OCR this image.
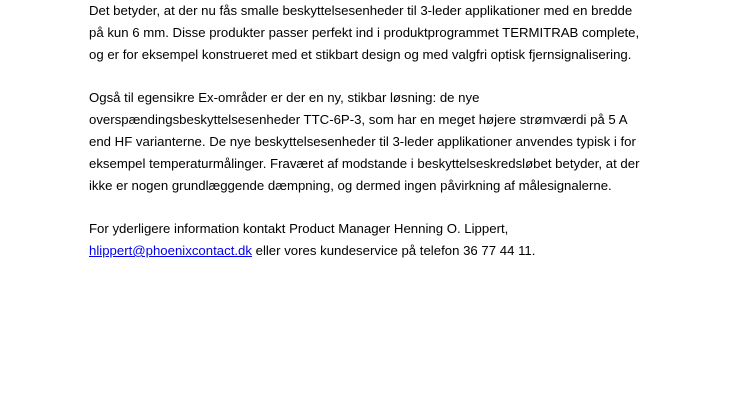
Det betyder, at der nu fås smalle beskyttelsesenheder til 3-leder applikationer med en bredde
på kun 6 mm. Disse produkter passer perfekt ind i produktprogrammet TERMITRAB complete,
og er for eksempel konstrueret med et stikbart design og med valgfri optisk fjernsignalisering.
Også til egensikre Ex-områder er der en ny, stikbar løsning: de nye
overspændingsbeskyttelsesenheder TTC-6P-3, som har en meget højere strømværdi på 5 A
end HF varianterne. De nye beskyttelsesenheder til 3-leder applikationer anvendes typisk i for
eksempel temperaturmålinger. Fraværet af modstande i beskyttelseskredsløbet betyder, at der
ikke er nogen grundlæggende dæmpning, og dermed ingen påvirkning af målesignalerne.
For yderligere information kontakt Product Manager Henning O. Lippert,
hlippert@phoenixcontact.dk eller vores kundeservice på telefon 36 77 44 11.
